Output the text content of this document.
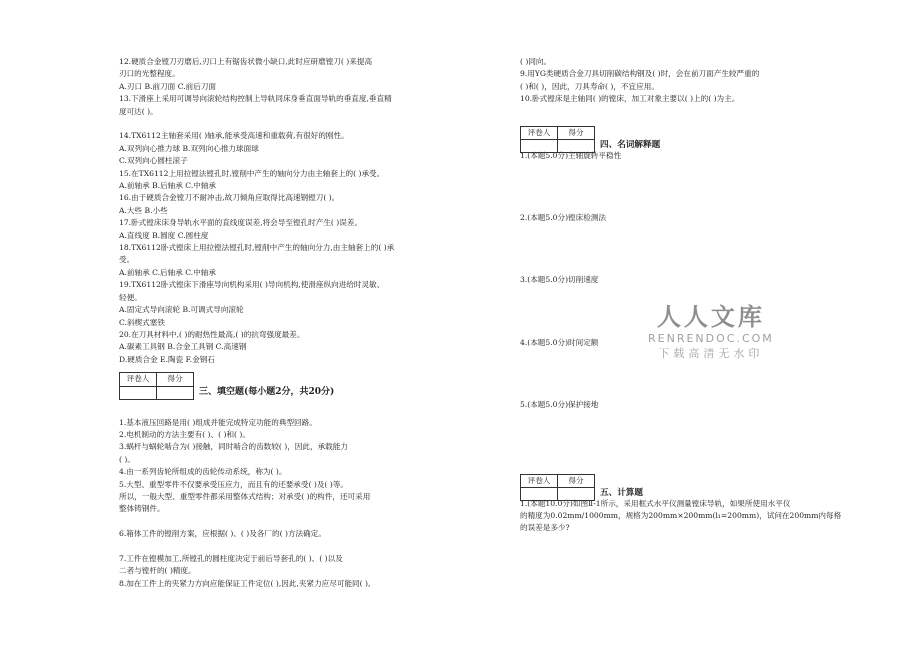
12.硬质合金镗刀刃磨后,刃口上有锯齿状微小缺口,此时应研磨镗刀( )来提高
刃口的光整程度。
A.刃口 B.前刀面 C.前后刀面
13.下滑座上采用可调导向滚轮结构控制上导轨同床身垂直面导轨的垂直度,垂直精
度可达( )。
14.TX6112主轴套采用( )轴承,能承受高速和重载荷,有很好的刚性。
A.双列向心推力球 B.双列向心推力球面球
C.双列向心圆柱滚子
15.在TX6112上用拉镗法镗孔时,镗削中产生的轴向分力由主轴套上的( )承受。
A.前轴承 B.后轴承 C.中轴承
16.由于硬质合金镗刀不耐冲击,故刀倾角应取得比高速钢镗刀( )。
A.大些 B.小些
17.卧式镗床床身导轨水平面的直线度误差,将会导至镗孔时产生( )误差。
A.直线度 B.圆度 C.圆柱度
18.TX6112卧式镗床上用拉镗法镗孔时,镗削中产生的轴向分力,由主轴套上的( )承
受。
A.前轴承 C.后轴承 C.中轴承
19.TX6112卧式镗床下滑座导向机构采用( )导向机构,使滑座纵向进给时灵敏、
轻便。
A.固定式导向滚轮 B.可调式导向滚轮
C.斜楔式塞铁
20.在刀具材料中,( )的耐热性最高,( )的抗弯强度最差。
A.碳素工具钢 B.合金工具钢 C.高速钢
D.硬质合金 E.陶瓷 F.金钢石
评卷人	得分

三、填空题(每小题2分，共20分)
1.基本液压回路是用( )组成并能完成特定功能的典型回路。
2.电机制动的方法主要有( )、( )和( )。
3.蜗杆与蜗轮啮合为( )接触，同时啮合的齿数较( )，因此，承载能力
( )。
4.由一系列齿轮所组成的齿轮传动系统，称为( )。
5.大型、重型零件不仅要承受压应力，而且有的还要承受( )及( )等。
所以，一般大型、重型零件都采用整体式结构；对承受( )的构件，还可采用
整体铸钢件。
6.箱体工件的镗削方案，应根据( )、( )及各厂的( )方法确定。
7.工件在镗模加工,所镗孔的圆柱度决定于前后导套孔的( )、( )以及
二者与镗杆的( )精度。
8.加在工件上的夹紧力方向应能保证工件定位( ),因此,夹紧力应尽可能同( ),
( )同向。
9.用YG类硬质合金刀具切削碳结构钢及( )时，会在前刀面产生较严重的
( )和( )，因此，刀具寿命( )，不宜应用。
10.卧式镗床是主轴同( )的镗床，加工对象主要以( )上的( )为主。
评卷人	得分

四、名词解释题
1.(本题5.0分)主轴旋转平稳性
2.(本题5.0分)镗床检测法
3.(本题5.0分)切削速度
4.(本题5.0分)时间定额
5.(本题5.0分)保护接地
评卷人	得分

五、计算题
1.(本题10.0分)如图Ⅱ-1所示，采用框式水平仪测量镗床导轨，如果所使用水平仪
的精度为0.02mm/1000mm，规格为200mm×200mm(l₁=200mm)，试问在200mm内每格
的误差是多少?
人人文库
RENRENDOC.COM
下载高清无水印
